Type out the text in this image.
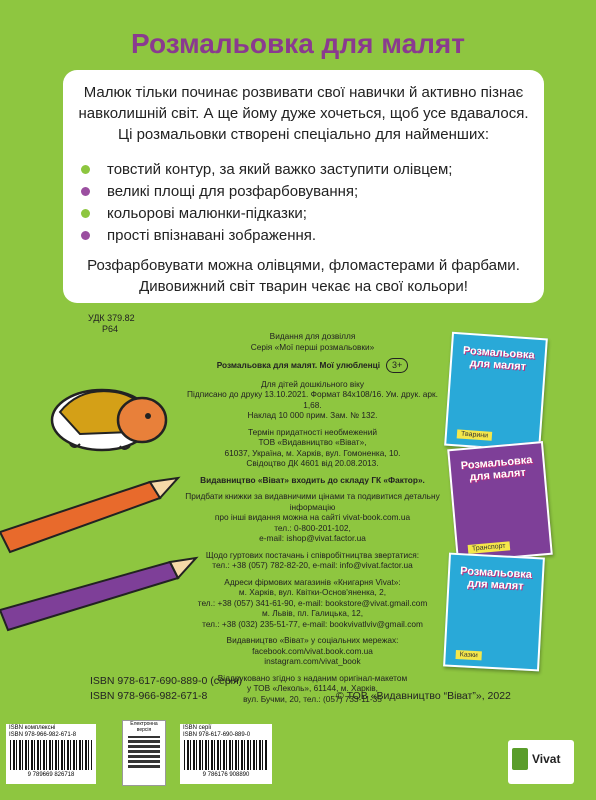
Розмальовка для малят

Малюк тільки починає розвивати свої навички й активно пізнає навколишній світ. А ще йому дуже хочеться, щоб усе вдавалося. Ці розмальовки створені спеціально для найменших:

товстий контур, за який важко заступити олівцем;
великі площі для розфарбовування;
кольорові малюнки-підказки;
прості впізнавані зображення.

Розфарбовувати можна олівцями, фломастерами й фарбами. Дивовижний світ тварин чекає на свої кольори!

УДК 379.82
Р64

Видання для дозвілля

Серія «Мої перші розмальовки»

Розмальовка для малят. Мої улюбленці 3+

Для дітей дошкільного віку

Підписано до друку 13.10.2021. Формат 84х108/16. Ум. друк. арк. 1,68.

Наклад 10 000 прим. Зам. № 132.

Термін придатності необмежений

ТОВ «Видавництво «Віват»,

61037, Україна, м. Харків, вул. Гомоненка, 10.

Свідоцтво ДК 4601 від 20.08.2013.

Видавництво «Віват» входить до складу ГК «Фактор».

Придбати книжки за видавничими цінами та подивитися детальну інформацію

про інші видання можна на сайті vivat-book.com.ua

тел.: 0-800-201-102,

e-mail: ishop@vivat.factor.ua

Щодо гуртових постачань і співробітництва звертатися:

тел.: +38 (057) 782-82-20, e-mail: info@vivat.factor.ua

Адреси фірмових магазинів «Книгарня Vivat»:

м. Харків, вул. Квітки-Основ'яненка, 2,

тел.: +38 (057) 341-61-90, e-mail: bookstore@vivat.gmail.com

м. Львів, пл. Галицька, 12,

тел.: +38 (032) 235-51-77, e-mail: bookvivatlviv@gmail.com

Видавництво «Віват» у соціальних мережах:

facebook.com/vivat.book.com.ua

instagram.com/vivat_book

Віддруковано згідно з наданим оригінал-макетом

у ТОВ «Леколь», 61144, м. Харків,

вул. Бучми, 20, тел.: (057) 733-11-35

Розмальовка для малят
Тварини
Розмальовка для малят
Транспорт
Розмальовка для малят
Казки
ISBN 978-617-690-889-0 (серія)
ISBN 978-966-982-671-8	© ТОВ «Видавництво “Віват”», 2022
ISBN комплексні
ISBN 978-966-982-671-8
9 789669 826718
Електронна версія	ISBN серії
ISBN 978-617-690-889-0
9 786176 908890
Vivat
